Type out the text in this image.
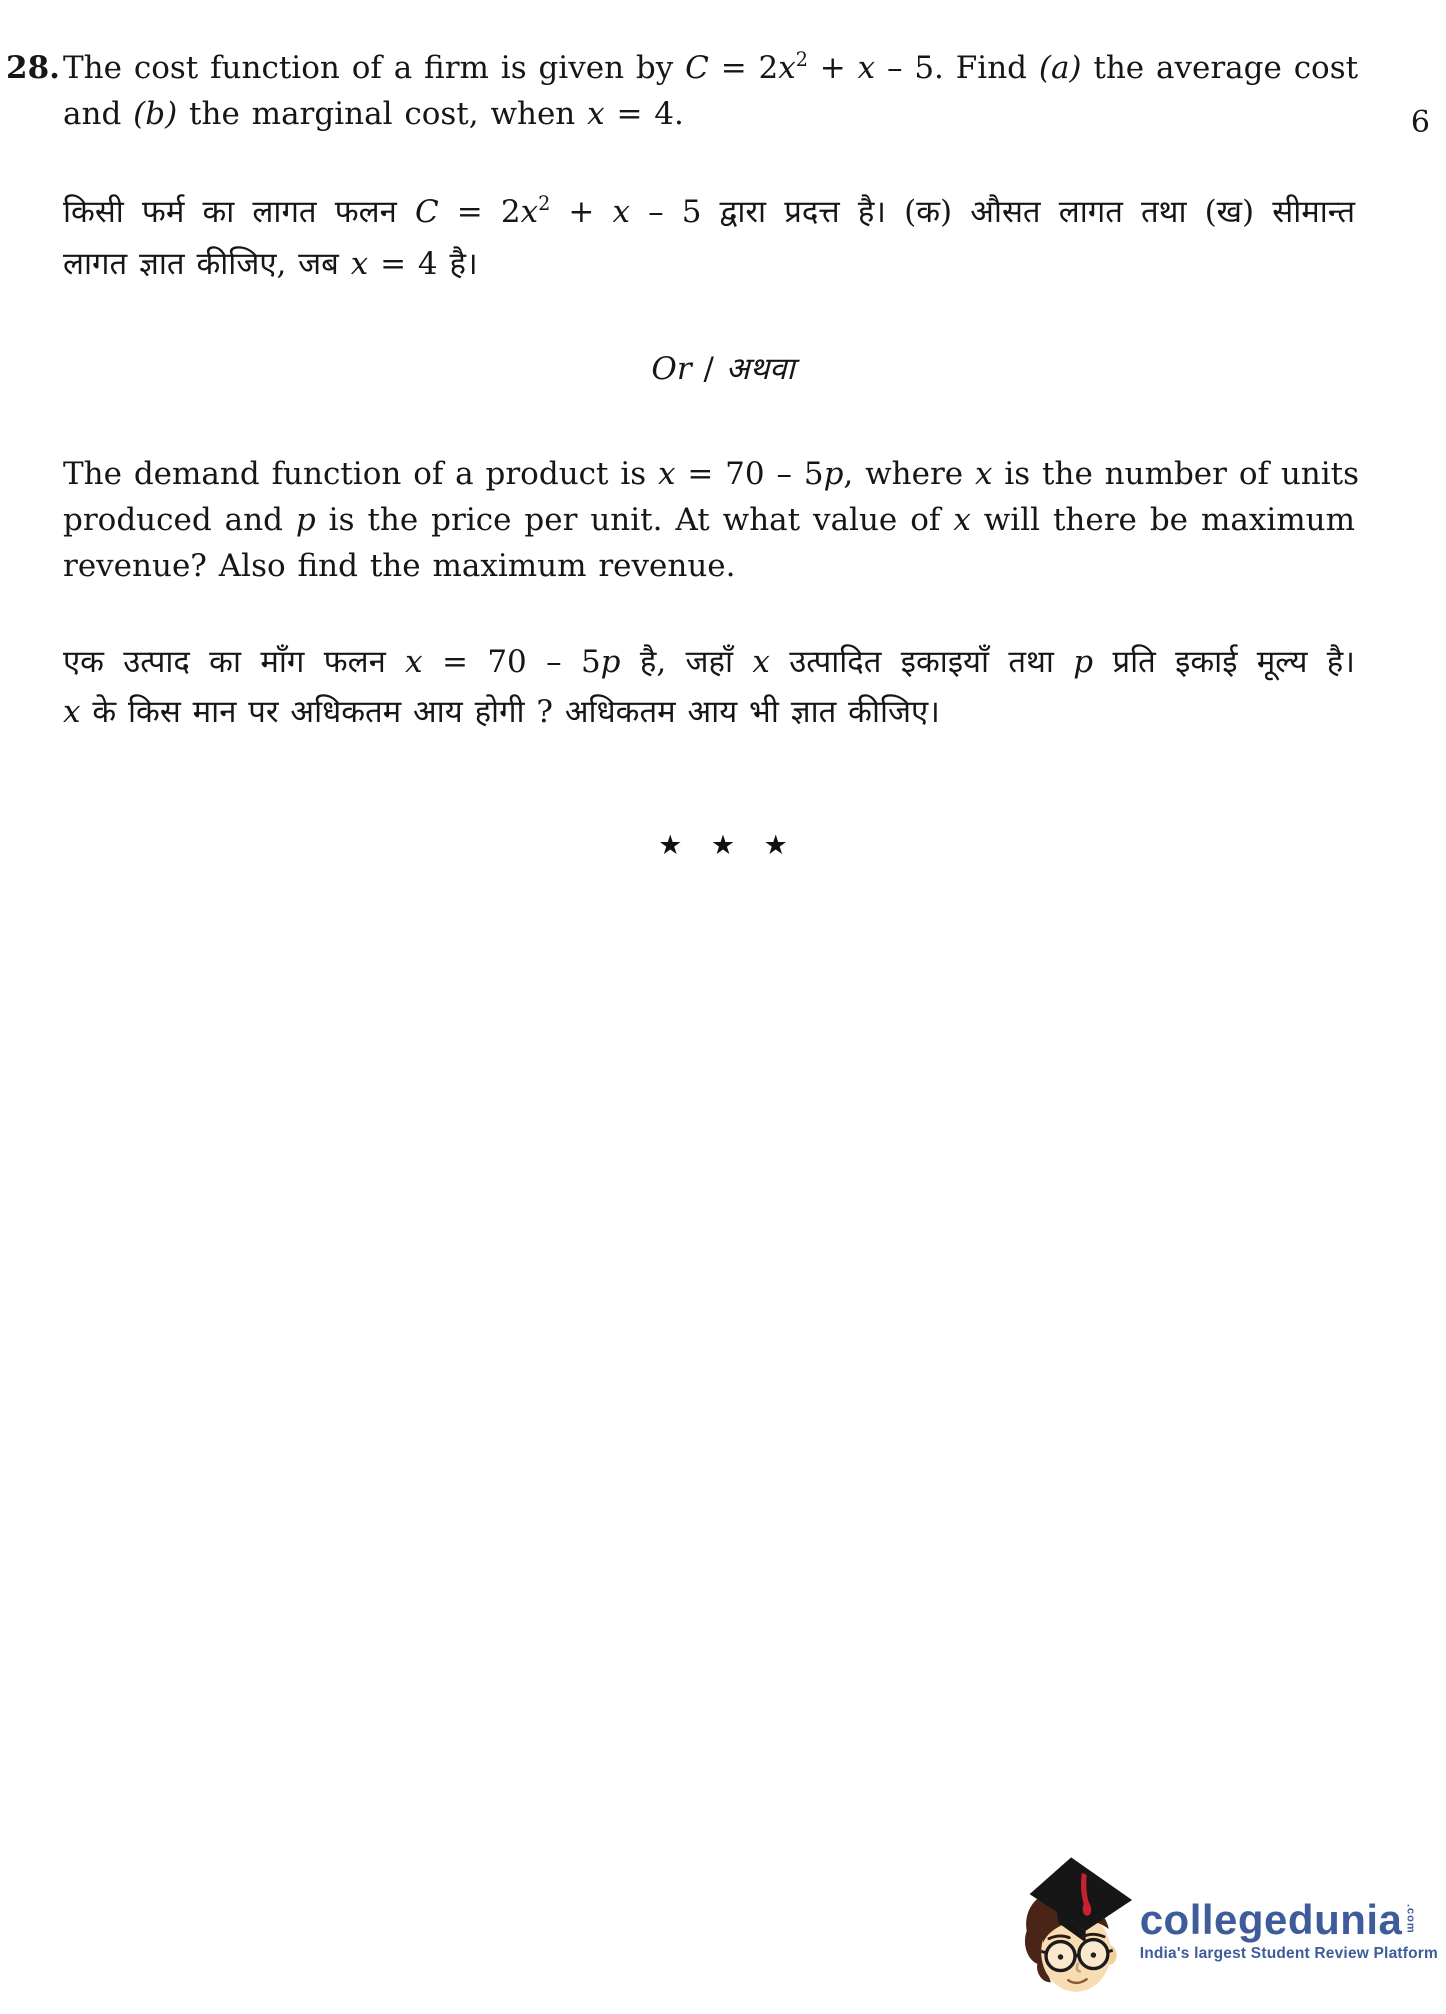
28. The cost function of a firm is given by $C = 2x^2 + x - 5$. Find (a) the average cost
and (b) the marginal cost, when x = 4.	6
किसी फर्म का लागत फलन $C = 2x^2 + x - 5$ द्वारा प्रदत्त है। (क) औसत लागत तथा (ख) सीमान्त
लागत ज्ञात कीजिए, जब x = 4 है।
Or / अथवा
The demand function of a product is x = 70 – 5p, where x is the number of units
produced and p is the price per unit. At what value of x will there be maximum
revenue? Also find the maximum revenue.
एक उत्पाद का माँग फलन x = 70 – 5p है, जहाँ x उत्पादित इकाइयाँ तथा p प्रति इकाई मूल्य है।
x के किस मान पर अधिकतम आय होगी ? अधिकतम आय भी ज्ञात कीजिए।
★ ★ ★
collegedunia .com
India's largest Student Review Platform
